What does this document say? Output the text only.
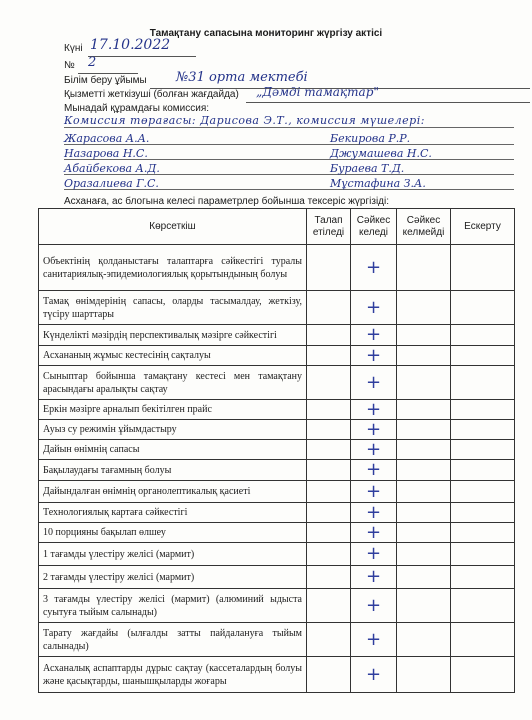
Тамақтану сапасына мониторинг жүргізу актісі
Күні 17.10.2022
№ 2
Білім беру ұйымы №31 орта мектебі
Қызметті жеткізуші (болған жағдайда) „Дәмді тамақтар"
Мынадай құрамдағы комиссия:
Комиссия төрағасы: Дарисова Э.Т., комиссия мүшелері:
Жарасова А.А.	Бекирова Р.Р.
Назарова Н.С.	Джумашева Н.С.
Абайбекова А.Д.	Бураева Т.Д.
Оразалиева Г.С.	Мұстафина З.А.
Асханаға, ас блогына келесі параметрлер бойынша тексеріс жүргізіді:
Көрсеткіш	Талап етіледі	Сәйкес келеді	Сәйкес келмейді	Ескерту
Объектінің қолданыстағы талаптарға сәйкестігі туралы санитариялық-эпидемиологиялық қорытындының болуы		+		

Тамақ өнімдерінің сапасы, оларды тасымалдау, жеткізу, түсіру шарттары		+		

Күнделікті мәзірдің перспективалық мәзірге сәйкестігі		+		

Асхананың жұмыс кестесінің сақталуы		+		

Сыныптар бойынша тамақтану кестесі мен тамақтану арасындағы аралықты сақтау		+		

Еркін мәзірге арналып бекітілген прайс		+		

Ауыз су режимін ұйымдастыру		+		

Дайын өнімнің сапасы		+		

Бақылаудағы тағамның болуы		+		

Дайындалған өнімнің органолептикалық қасиеті		+		

Технологиялық картаға сәйкестігі		+		

10 порцияны бақылап өлшеу		+		

1 тағамды үлестіру желісі (мармит)		+		

2 тағамды үлестіру желісі (мармит)		+		

3 тағамды үлестіру желісі (мармит) (алюминий ыдыста суытуға тыйым салынады)		+		

Тарату жағдайы (ылғалды затты пайдалануға тыйым салынады)		+		

Асханалық аспаптарды дұрыс сақтау (кассеталардың болуы және қасықтарды, шанышқыларды жоғары		+		
